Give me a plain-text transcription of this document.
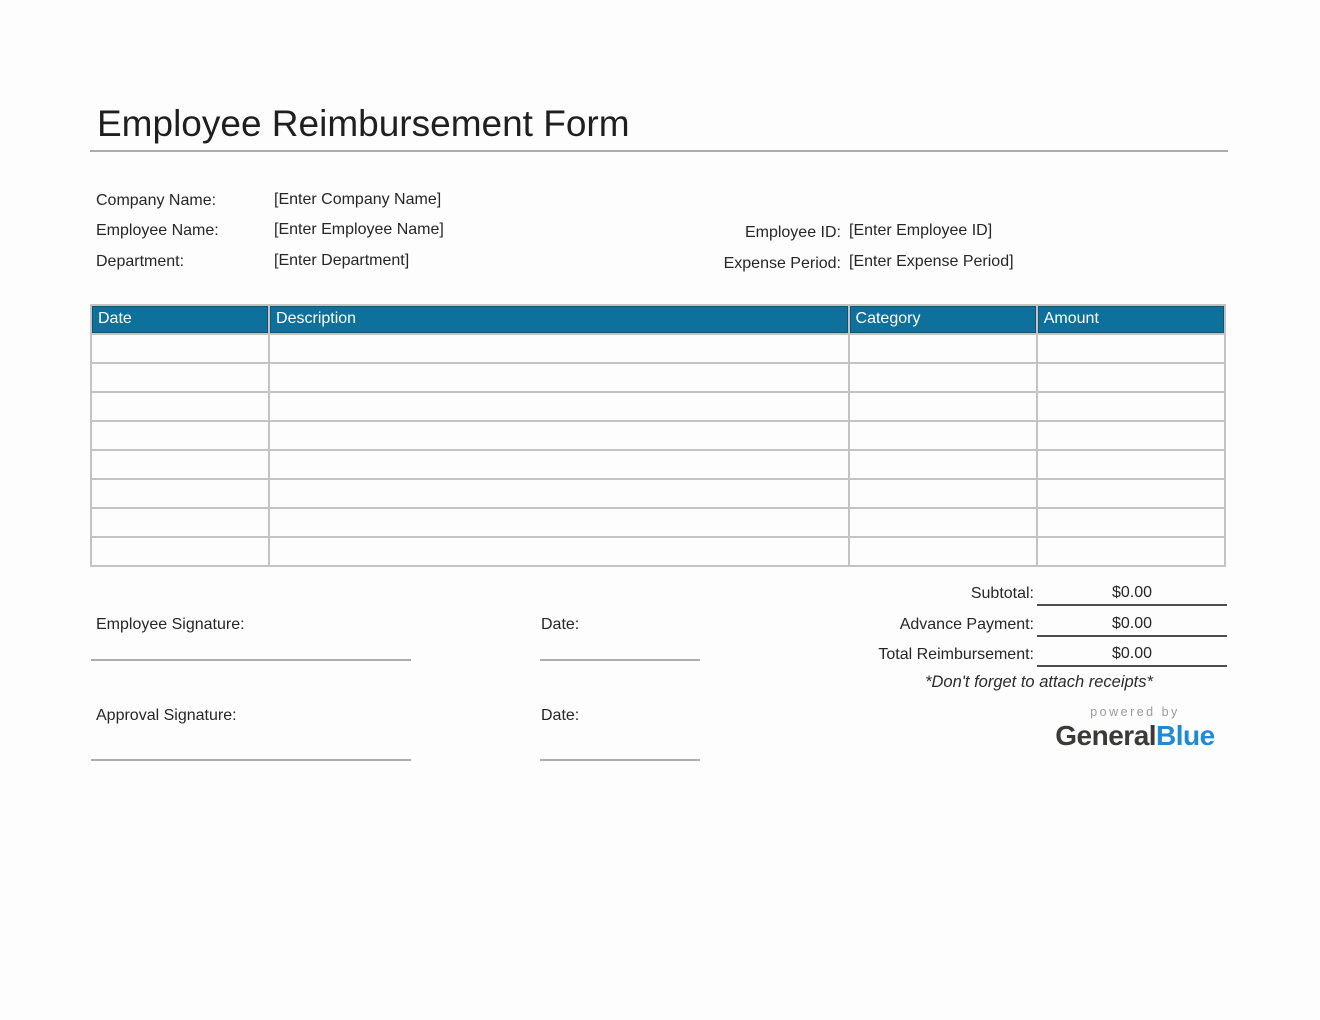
Employee Reimbursement Form
Company Name:	[Enter Company Name]
Employee Name:	[Enter Employee Name]
Department:	[Enter Department]
Employee ID: [Enter Employee ID]
Expense Period: [Enter Expense Period]
Date	Description	Category	Amount

Subtotal:	$0.00
Advance Payment:	$0.00
Total Reimbursement:	$0.00
*Don't forget to attach receipts*
Employee Signature:	Date:
Approval Signature:	Date:	powered by
GeneralBlue
